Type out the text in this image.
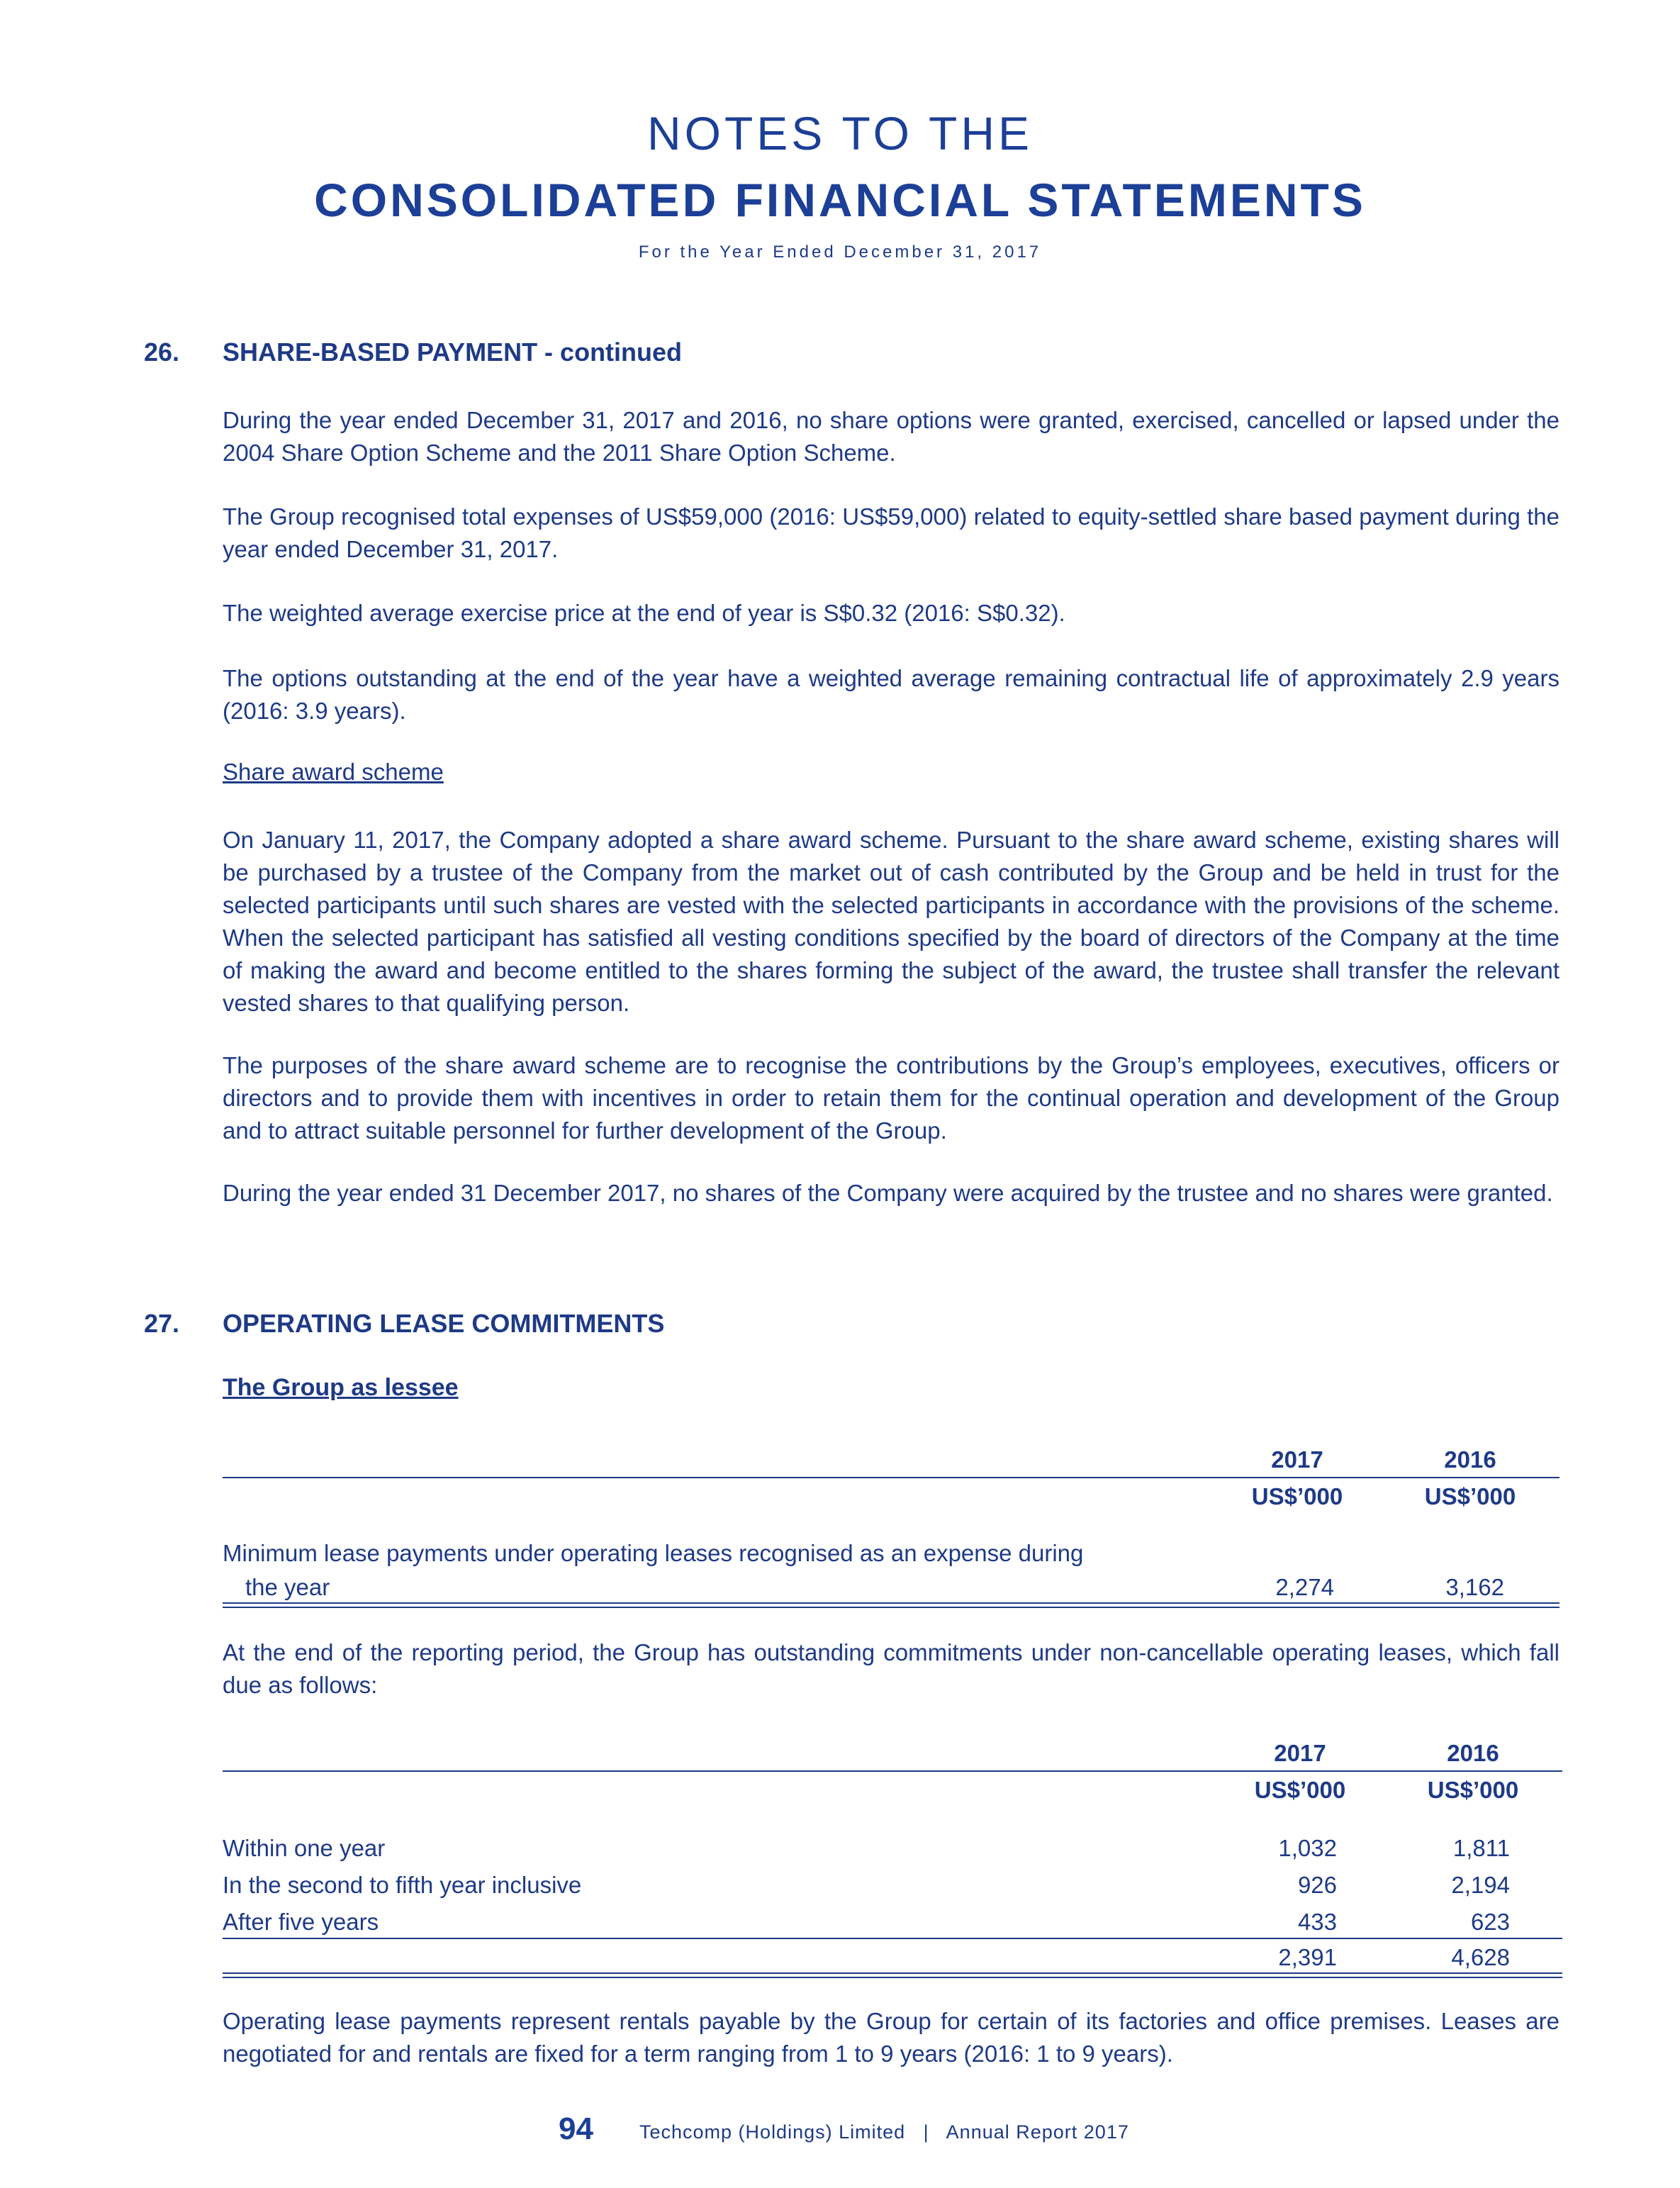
NOTES TO THE
CONSOLIDATED FINANCIAL STATEMENTS
For the Year Ended December 31, 2017
26. SHARE-BASED PAYMENT - continued

During the year ended December 31, 2017 and 2016, no share options were granted, exercised, cancelled or lapsed under the 2004 Share Option Scheme and the 2011 Share Option Scheme.

The Group recognised total expenses of US$59,000 (2016: US$59,000) related to equity-settled share based payment during the year ended December 31, 2017.

The weighted average exercise price at the end of year is S$0.32 (2016: S$0.32).

The options outstanding at the end of the year have a weighted average remaining contractual life of approximately 2.9 years (2016: 3.9 years).

Share award scheme

On January 11, 2017, the Company adopted a share award scheme. Pursuant to the share award scheme, existing shares will be purchased by a trustee of the Company from the market out of cash contributed by the Group and be held in trust for the selected participants until such shares are vested with the selected participants in accordance with the provisions of the scheme. When the selected participant has satisfied all vesting conditions specified by the board of directors of the Company at the time of making the award and become entitled to the shares forming the subject of the award, the trustee shall transfer the relevant vested shares to that qualifying person.

The purposes of the share award scheme are to recognise the contributions by the Group’s employees, executives, officers or directors and to provide them with incentives in order to retain them for the continual operation and development of the Group and to attract suitable personnel for further development of the Group.

During the year ended 31 December 2017, no shares of the Company were acquired by the trustee and no shares were granted.

27. OPERATING LEASE COMMITMENTS
The Group as lessee
2017	2016
US$’000	US$’000
Minimum lease payments under operating leases recognised as an expense during
the year	2,274	3,162

At the end of the reporting period, the Group has outstanding commitments under non-cancellable operating leases, which fall due as follows:

2017	2016
US$’000	US$’000
Within one year	1,032	1,811
In the second to fifth year inclusive	926	2,194
After five years	433	623
2,391	4,628

Operating lease payments represent rentals payable by the Group for certain of its factories and office premises. Leases are negotiated for and rentals are fixed for a term ranging from 1 to 9 years (2016: 1 to 9 years).

94 Techcomp (Holdings) Limited   |   Annual Report 2017
